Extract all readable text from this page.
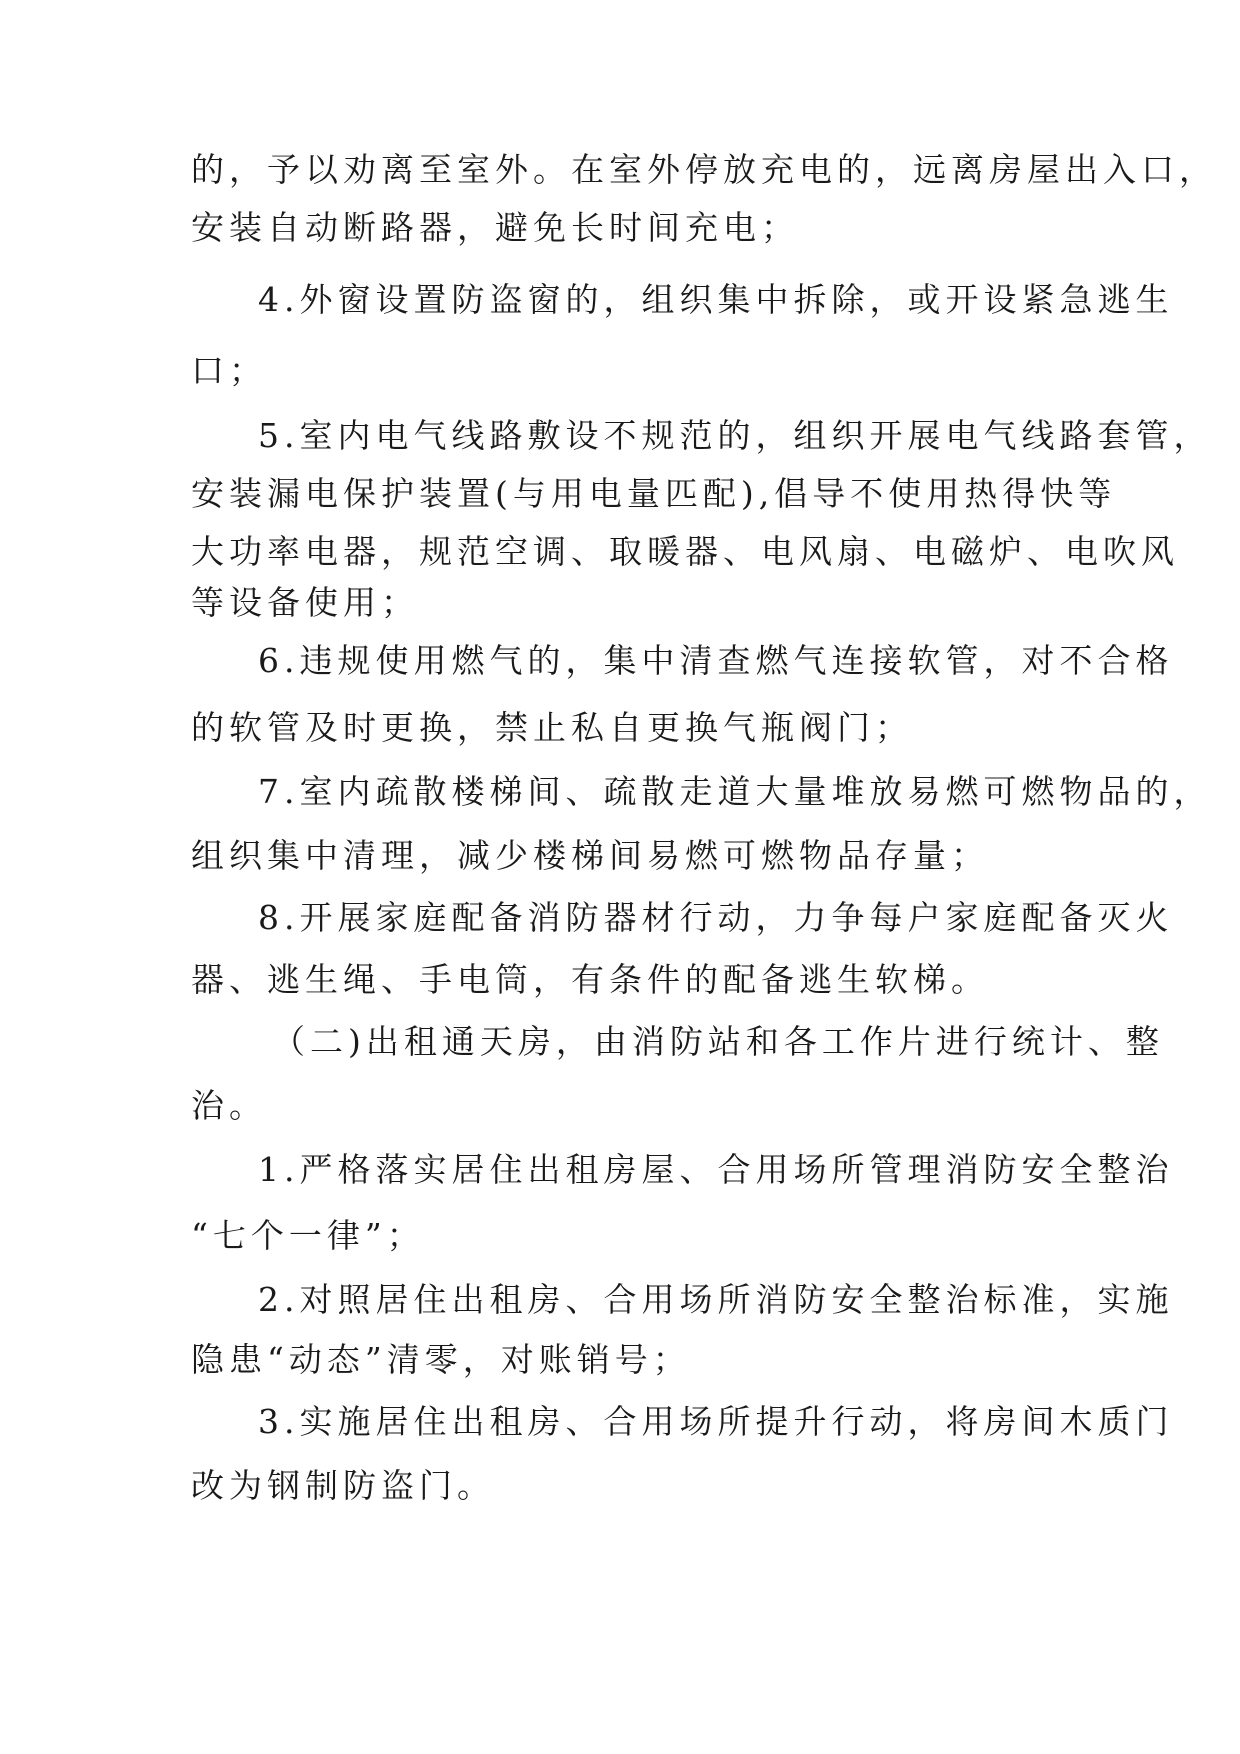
的，予以劝离至室外。在室外停放充电的，远离房屋出入口，
安装自动断路器，避免长时间充电；
4.外窗设置防盗窗的，组织集中拆除，或开设紧急逃生
口；
5.室内电气线路敷设不规范的，组织开展电气线路套管，
安装漏电保护装置(与用电量匹配),倡导不使用热得快等
大功率电器，规范空调、取暖器、电风扇、电磁炉、电吹风
等设备使用；
6.违规使用燃气的，集中清查燃气连接软管，对不合格
的软管及时更换，禁止私自更换气瓶阀门；
7.室内疏散楼梯间、疏散走道大量堆放易燃可燃物品的，
组织集中清理，减少楼梯间易燃可燃物品存量；
8.开展家庭配备消防器材行动，力争每户家庭配备灭火
器、逃生绳、手电筒，有条件的配备逃生软梯。
（二)出租通天房，由消防站和各工作片进行统计、整
治。
1.严格落实居住出租房屋、合用场所管理消防安全整治
“七个一律”；
2.对照居住出租房、合用场所消防安全整治标准，实施
隐患“动态”清零，对账销号；
3.实施居住出租房、合用场所提升行动，将房间木质门
改为钢制防盗门。
